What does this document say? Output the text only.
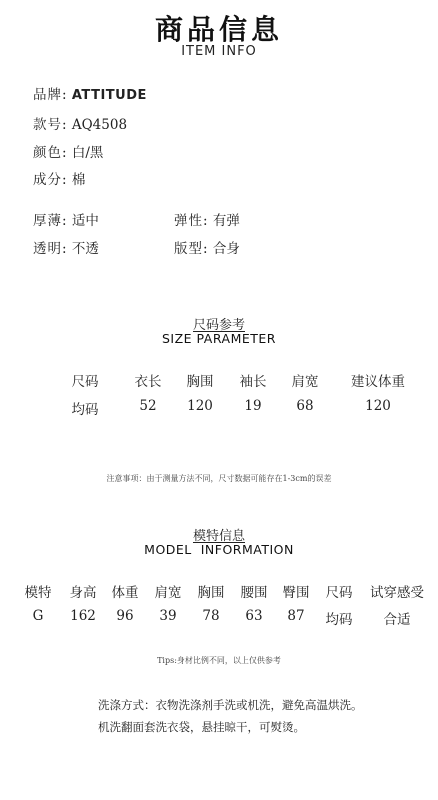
商品信息
ITEM INFO
品牌: ATTITUDE
款号: AQ4508
颜色: 白/黑
成分: 棉
厚薄: 适中	弹性: 有弹
透明: 不透	版型: 合身
尺码参考
SIZE PARAMETER
尺码	衣长 胸围 袖长 肩宽 建议体重
均码	52 120 19	68	120
注意事项：由于测量方法不同，尺寸数据可能存在1-3cm的误差
模特信息
MODEL  INFORMATION
模特 身高 体重 肩宽 胸围 腰围 臀围 尺码 试穿感受
G 162 96 39 78 63 87 均码 合适
Tips:身材比例不同，以上仅供参考
洗涤方式：衣物洗涤剂手洗或机洗，避免高温烘洗。
机洗翻面套洗衣袋，悬挂晾干，可熨烫。
